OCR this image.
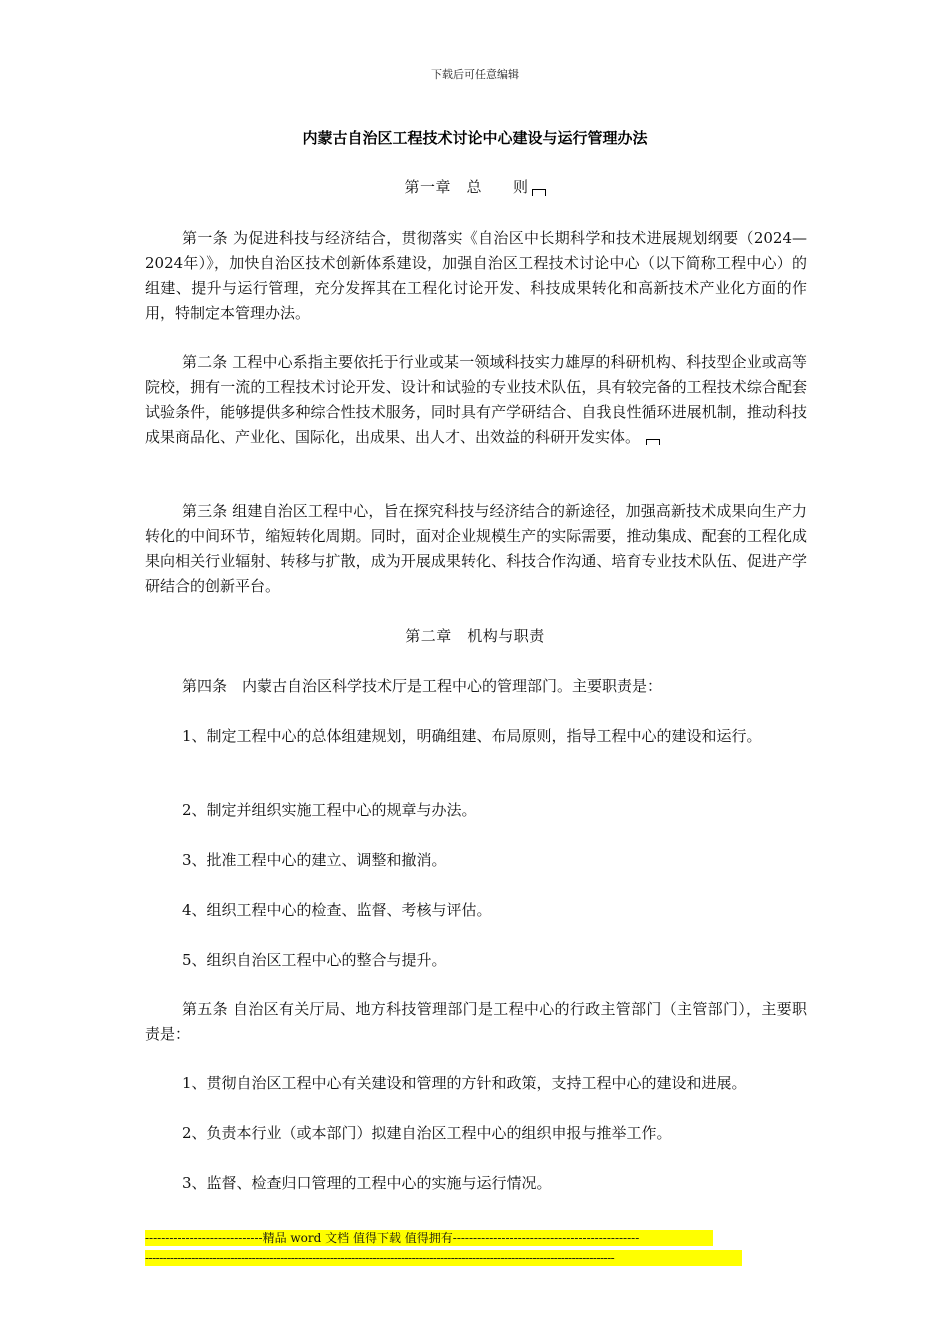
下载后可任意编辑
内蒙古自治区工程技术讨论中心建设与运行管理办法
第一章　总　　则
第一条 为促进科技与经济结合，贯彻落实《自治区中长期科学和技术进展规划纲要（2024—2024年）》，加快自治区技术创新体系建设，加强自治区工程技术讨论中心（以下简称工程中心）的组建、提升与运行管理，充分发挥其在工程化讨论开发、科技成果转化和高新技术产业化方面的作用，特制定本管理办法。
第二条 工程中心系指主要依托于行业或某一领域科技实力雄厚的科研机构、科技型企业或高等院校，拥有一流的工程技术讨论开发、设计和试验的专业技术队伍，具有较完备的工程技术综合配套试验条件，能够提供多种综合性技术服务，同时具有产学研结合、自我良性循环进展机制，推动科技成果商品化、产业化、国际化，出成果、出人才、出效益的科研开发实体。
第三条 组建自治区工程中心，旨在探究科技与经济结合的新途径，加强高新技术成果向生产力转化的中间环节，缩短转化周期。同时，面对企业规模生产的实际需要，推动集成、配套的工程化成果向相关行业辐射、转移与扩散，成为开展成果转化、科技合作沟通、培育专业技术队伍、促进产学研结合的创新平台。
第二章　机构与职责
第四条　内蒙古自治区科学技术厅是工程中心的管理部门。主要职责是：
1、制定工程中心的总体组建规划，明确组建、布局原则，指导工程中心的建设和运行。
2、制定并组织实施工程中心的规章与办法。
3、批准工程中心的建立、调整和撤消。
4、组织工程中心的检查、监督、考核与评估。
5、组织自治区工程中心的整合与提升。
第五条 自治区有关厅局、地方科技管理部门是工程中心的行政主管部门（主管部门），主要职责是：
1、贯彻自治区工程中心有关建设和管理的方针和政策，支持工程中心的建设和进展。
2、负责本行业（或本部门）拟建自治区工程中心的组织申报与推举工作。
3、监督、检查归口管理的工程中心的实施与运行情况。
-----------------------------精品 word 文档 值得下载 值得拥有----------------------------------------------
------------------------------------------------------------------------------------------------------------------------------------
